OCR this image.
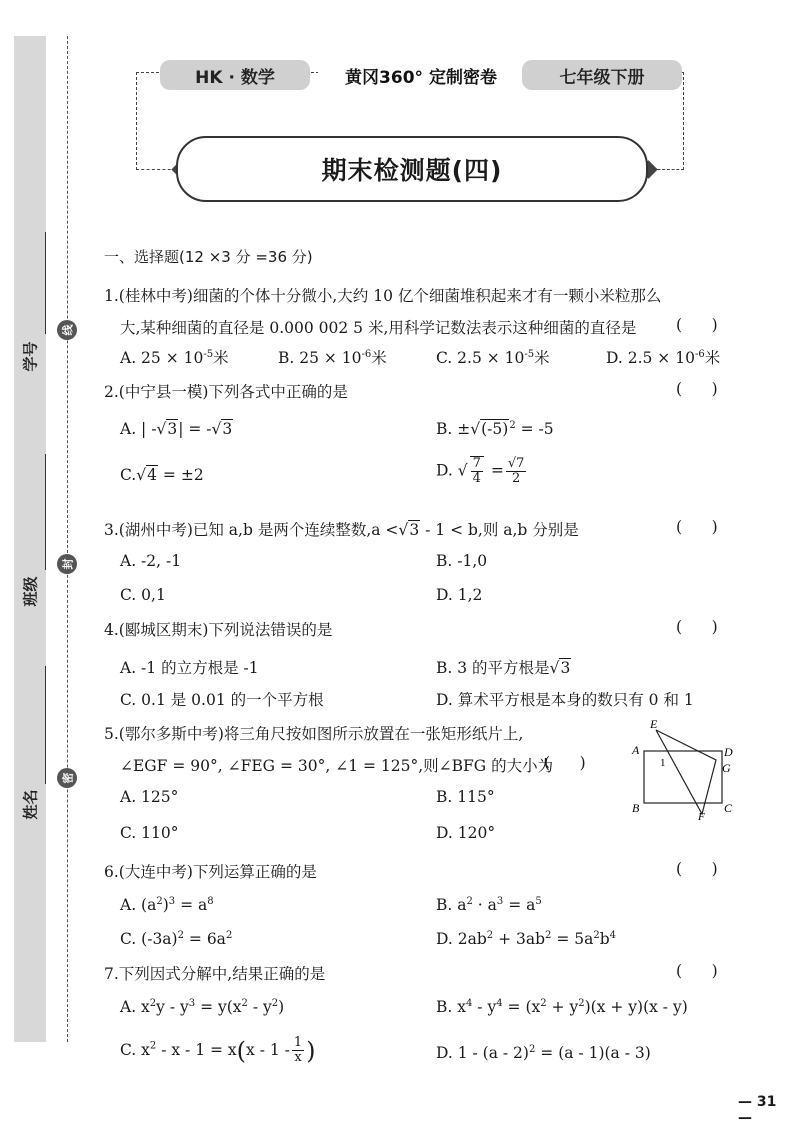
学号
班级
姓名
线
封
密
HK · 数学	黄冈360° 定制密卷	七年级下册
期末检测题(四)
一、选择题(12 ×3 分 =36 分)
1.(桂林中考)细菌的个体十分微小,大约 10 亿个细菌堆积起来才有一颗小米粒那么
大,某种细菌的直径是 0.000 002 5 米,用科学记数法表示这种细菌的直径是	(      )
A. $25 \times 10^{-5}$米	B. $25 \times 10^{-6}$米	C. $2.5 \times 10^{-5}$米	D. $2.5 \times 10^{-6}$米
2.(中宁县一模)下列各式中正确的是	(      )
A. | -√3| = -√3	B. $\pm√(-5)^2 = -5$
C.√4 = ±2	D. √ $\frac{7}{4} = \frac{√7}{2}$
3.(湖州中考)已知 a,b 是两个连续整数,a <√3 - 1 < b,则 a,b 分别是	(      )
A. -2, -1	B. -1,0
C. 0,1	D. 1,2
4.(郾城区期末)下列说法错误的是	(      )
A. -1 的立方根是 -1	B. 3 的平方根是√3
C. 0.1 是 0.01 的一个平方根	D. 算术平方根是本身的数只有 0 和 1
5.(鄂尔多斯中考)将三角尺按如图所示放置在一张矩形纸片上,
∠EGF = 90°, ∠FEG = 30°, ∠1 = 125°,则∠BFG 的大小为
(      )
A. 125°	B. 115°
C. 110°	D. 120°
E
A	D
G
B	C
F
1
6.(大连中考)下列运算正确的是	(      )
A. $(a^2)^3 = a^8$	B. $a^2 \cdot a^3 = a^5$
C. $(-3a)^2 = 6a^2$	D. $2ab^2 + 3ab^2 = 5a^2b^4$
7.下列因式分解中,结果正确的是	(      )
A. $x^2y - y^3 = y(x^2 - y^2)$	B. $x^4 - y^4 = (x^2 + y^2)(x + y)(x - y)$
C. $x^2 - x - 1 = x(x - 1 - \frac{1}{x}$ )	D. 1 - (a - 2)$^2$ = (a - 1)(a - 3)
— 31 —
